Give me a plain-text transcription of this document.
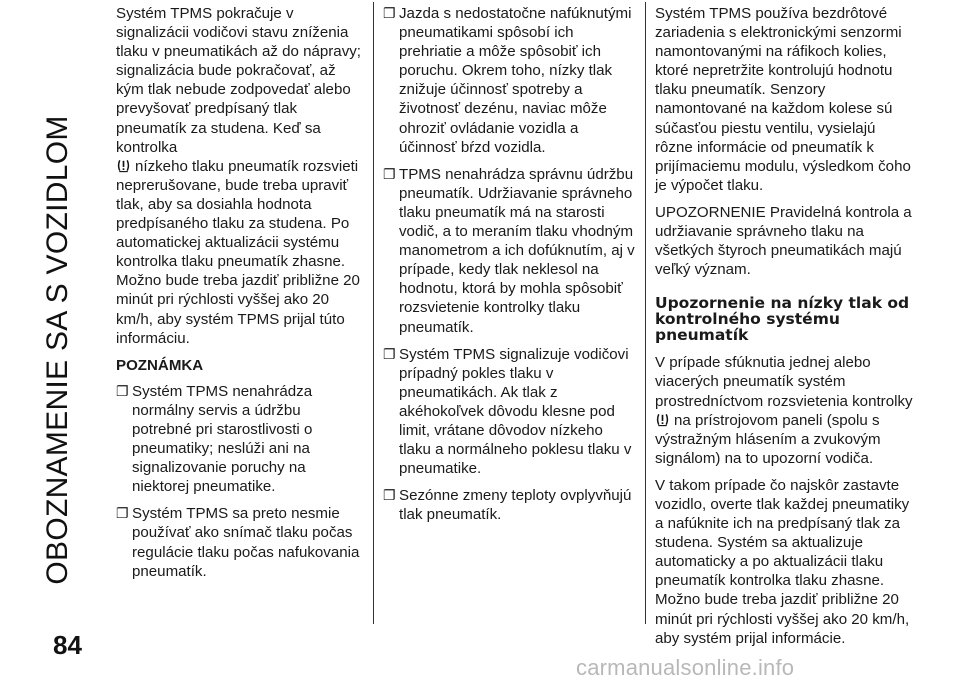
OBOZNAMENIE SA S VOZIDLOM
84

Systém TPMS pokračuje v signalizácii vodičovi stavu zníženia tlaku v pneumatikách až do nápravy; signalizácia bude pokračovať, až kým tlak nebude zodpovedať alebo prevyšovať predpísaný tlak pneumatík za studena. Keď sa kontrolka
nízkeho tlaku pneumatík rozsvieti neprerušovane, bude treba upraviť tlak, aby sa dosiahla hodnota predpísaného tlaku za studena. Po automatickej aktualizácii systému kontrolka tlaku pneumatík zhasne. Možno bude treba jazdiť približne 20 minút pri rýchlosti vyššej ako 20 km/h, aby systém TPMS prijal túto informáciu.

POZNÁMKA
❐ Systém TPMS nenahrádza normálny servis a údržbu potrebné pri starostlivosti o pneumatiky; neslúži ani na signalizovanie poruchy na niektorej pneumatike.
❐ Systém TPMS sa preto nesmie používať ako snímač tlaku počas regulácie tlaku počas nafukovania pneumatík.
❐ Jazda s nedostatočne nafúknutými pneumatikami spôsobí ich prehriatie a môže spôsobiť ich poruchu. Okrem toho, nízky tlak znižuje účinnosť spotreby a životnosť dezénu, naviac môže ohroziť ovládanie vozidla a účinnosť bŕzd vozidla.
❐ TPMS nenahrádza správnu údržbu pneumatík. Udržiavanie správneho tlaku pneumatík má na starosti vodič, a to meraním tlaku vhodným manometrom a ich dofúknutím, aj v prípade, kedy tlak neklesol na hodnotu, ktorá by mohla spôsobiť rozsvietenie kontrolky tlaku pneumatík.
❐ Systém TPMS signalizuje vodičovi prípadný pokles tlaku v pneumatikách. Ak tlak z akéhokoľvek dôvodu klesne pod limit, vrátane dôvodov nízkeho tlaku a normálneho poklesu tlaku v pneumatike.
❐ Sezónne zmeny teploty ovplyvňujú tlak pneumatík.

Systém TPMS používa bezdrôtové zariadenia s elektronickými senzormi namontovanými na ráfikoch kolies, ktoré nepretržite kontrolujú hodnotu tlaku pneumatík. Senzory namontované na každom kolese sú súčasťou piestu ventilu, vysielajú rôzne informácie od pneumatík k prijímaciemu modulu, výsledkom čoho je výpočet tlaku.

UPOZORNENIE Pravidelná kontrola a udržiavanie správneho tlaku na všetkých štyroch pneumatikách majú veľký význam.

Upozornenie na nízky tlak od kontrolného systému pneumatík

V prípade sfúknutia jednej alebo viacerých pneumatík systém prostredníctvom rozsvietenia kontrolky
na prístrojovom paneli (spolu s výstražným hlásením a zvukovým signálom) na to upozorní vodiča.

V takom prípade čo najskôr zastavte vozidlo, overte tlak každej pneumatiky a nafúknite ich na predpísaný tlak za studena. Systém sa aktualizuje automaticky a po aktualizácii tlaku pneumatík kontrolka tlaku zhasne. Možno bude treba jazdiť približne 20 minút pri rýchlosti vyššej ako 20 km/h, aby systém prijal informácie.

carmanualsonline.info
